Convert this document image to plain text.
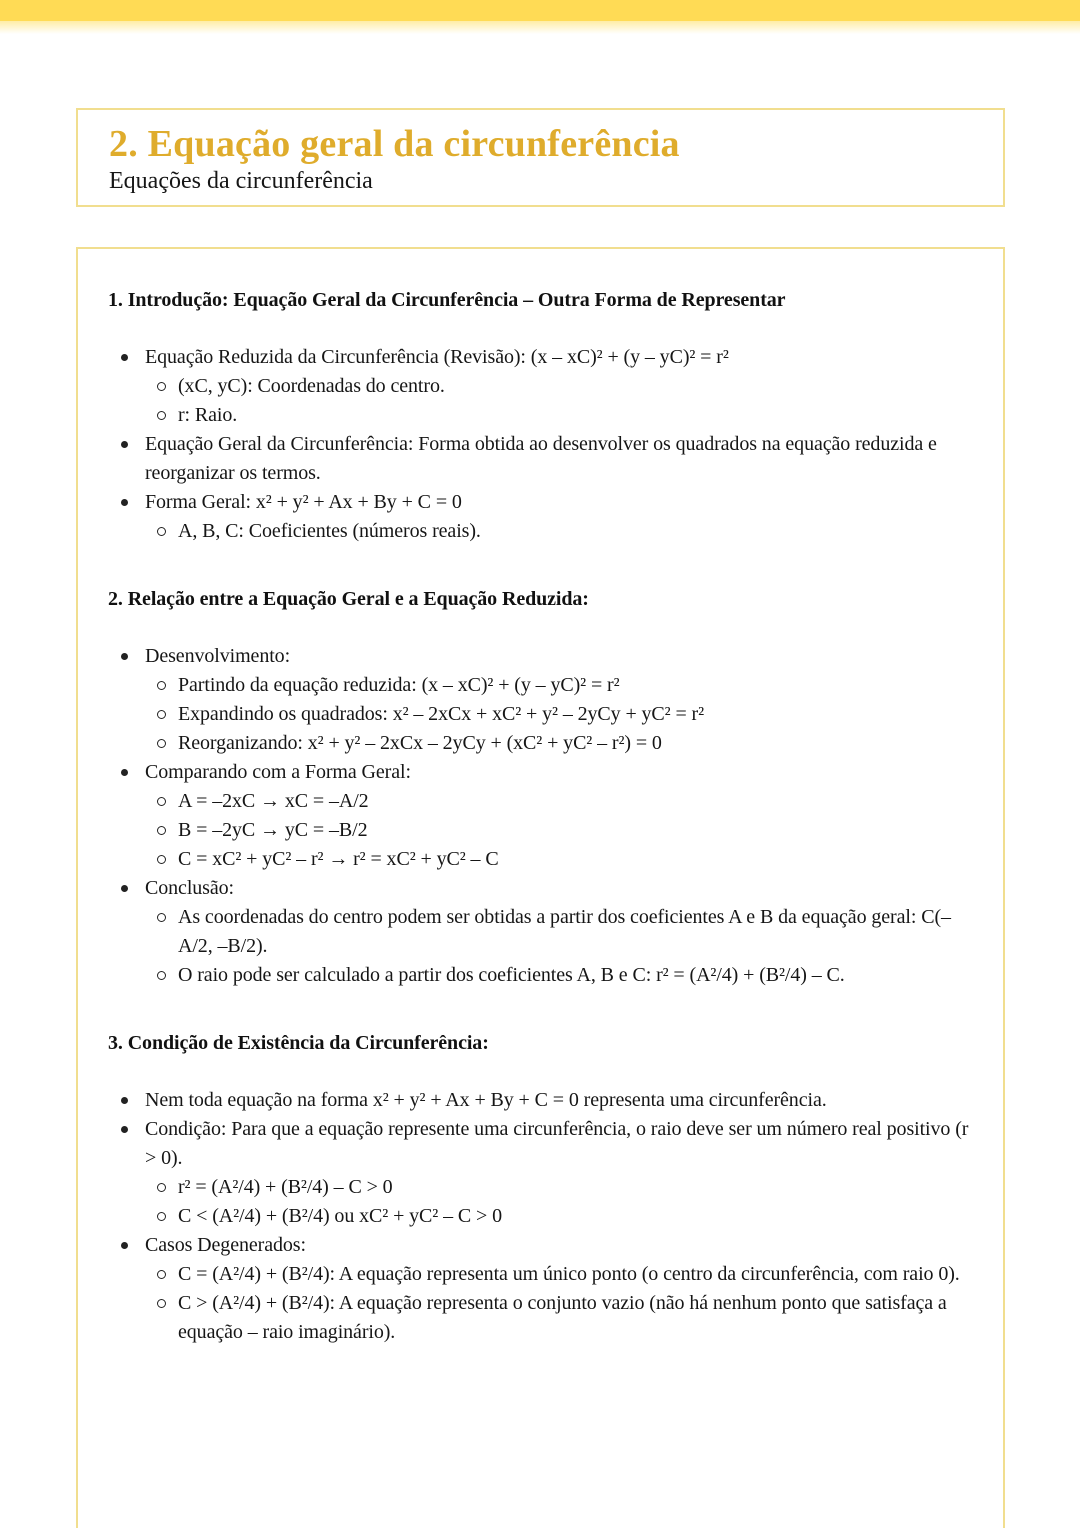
2. Equação geral da circunferência
Equações da circunferência
1. Introdução: Equação Geral da Circunferência – Outra Forma de Representar
Equação Reduzida da Circunferência (Revisão): (x – xC)² + (y – yC)² = r²
(xC, yC): Coordenadas do centro.
r: Raio.
Equação Geral da Circunferência: Forma obtida ao desenvolver os quadrados na equação reduzida e reorganizar os termos.
Forma Geral: x² + y² + Ax + By + C = 0
A, B, C: Coeficientes (números reais).
2. Relação entre a Equação Geral e a Equação Reduzida:
Desenvolvimento:
Partindo da equação reduzida: (x – xC)² + (y – yC)² = r²
Expandindo os quadrados: x² – 2xCx + xC² + y² – 2yCy + yC² = r²
Reorganizando: x² + y² – 2xCx – 2yCy + (xC² + yC² – r²) = 0
Comparando com a Forma Geral:
A = –2xC → xC = –A/2
B = –2yC → yC = –B/2
C = xC² + yC² – r² → r² = xC² + yC² – C
Conclusão:
As coordenadas do centro podem ser obtidas a partir dos coeficientes A e B da equação geral: C(–A/2, –B/2).
O raio pode ser calculado a partir dos coeficientes A, B e C: r² = (A²/4) + (B²/4) – C.
3. Condição de Existência da Circunferência:
Nem toda equação na forma x² + y² + Ax + By + C = 0 representa uma circunferência.
Condição: Para que a equação represente uma circunferência, o raio deve ser um número real positivo (r > 0).
r² = (A²/4) + (B²/4) – C > 0
C < (A²/4) + (B²/4) ou xC² + yC² – C > 0
Casos Degenerados:
C = (A²/4) + (B²/4): A equação representa um único ponto (o centro da circunferência, com raio 0).
C > (A²/4) + (B²/4): A equação representa o conjunto vazio (não há nenhum ponto que satisfaça a equação – raio imaginário).
